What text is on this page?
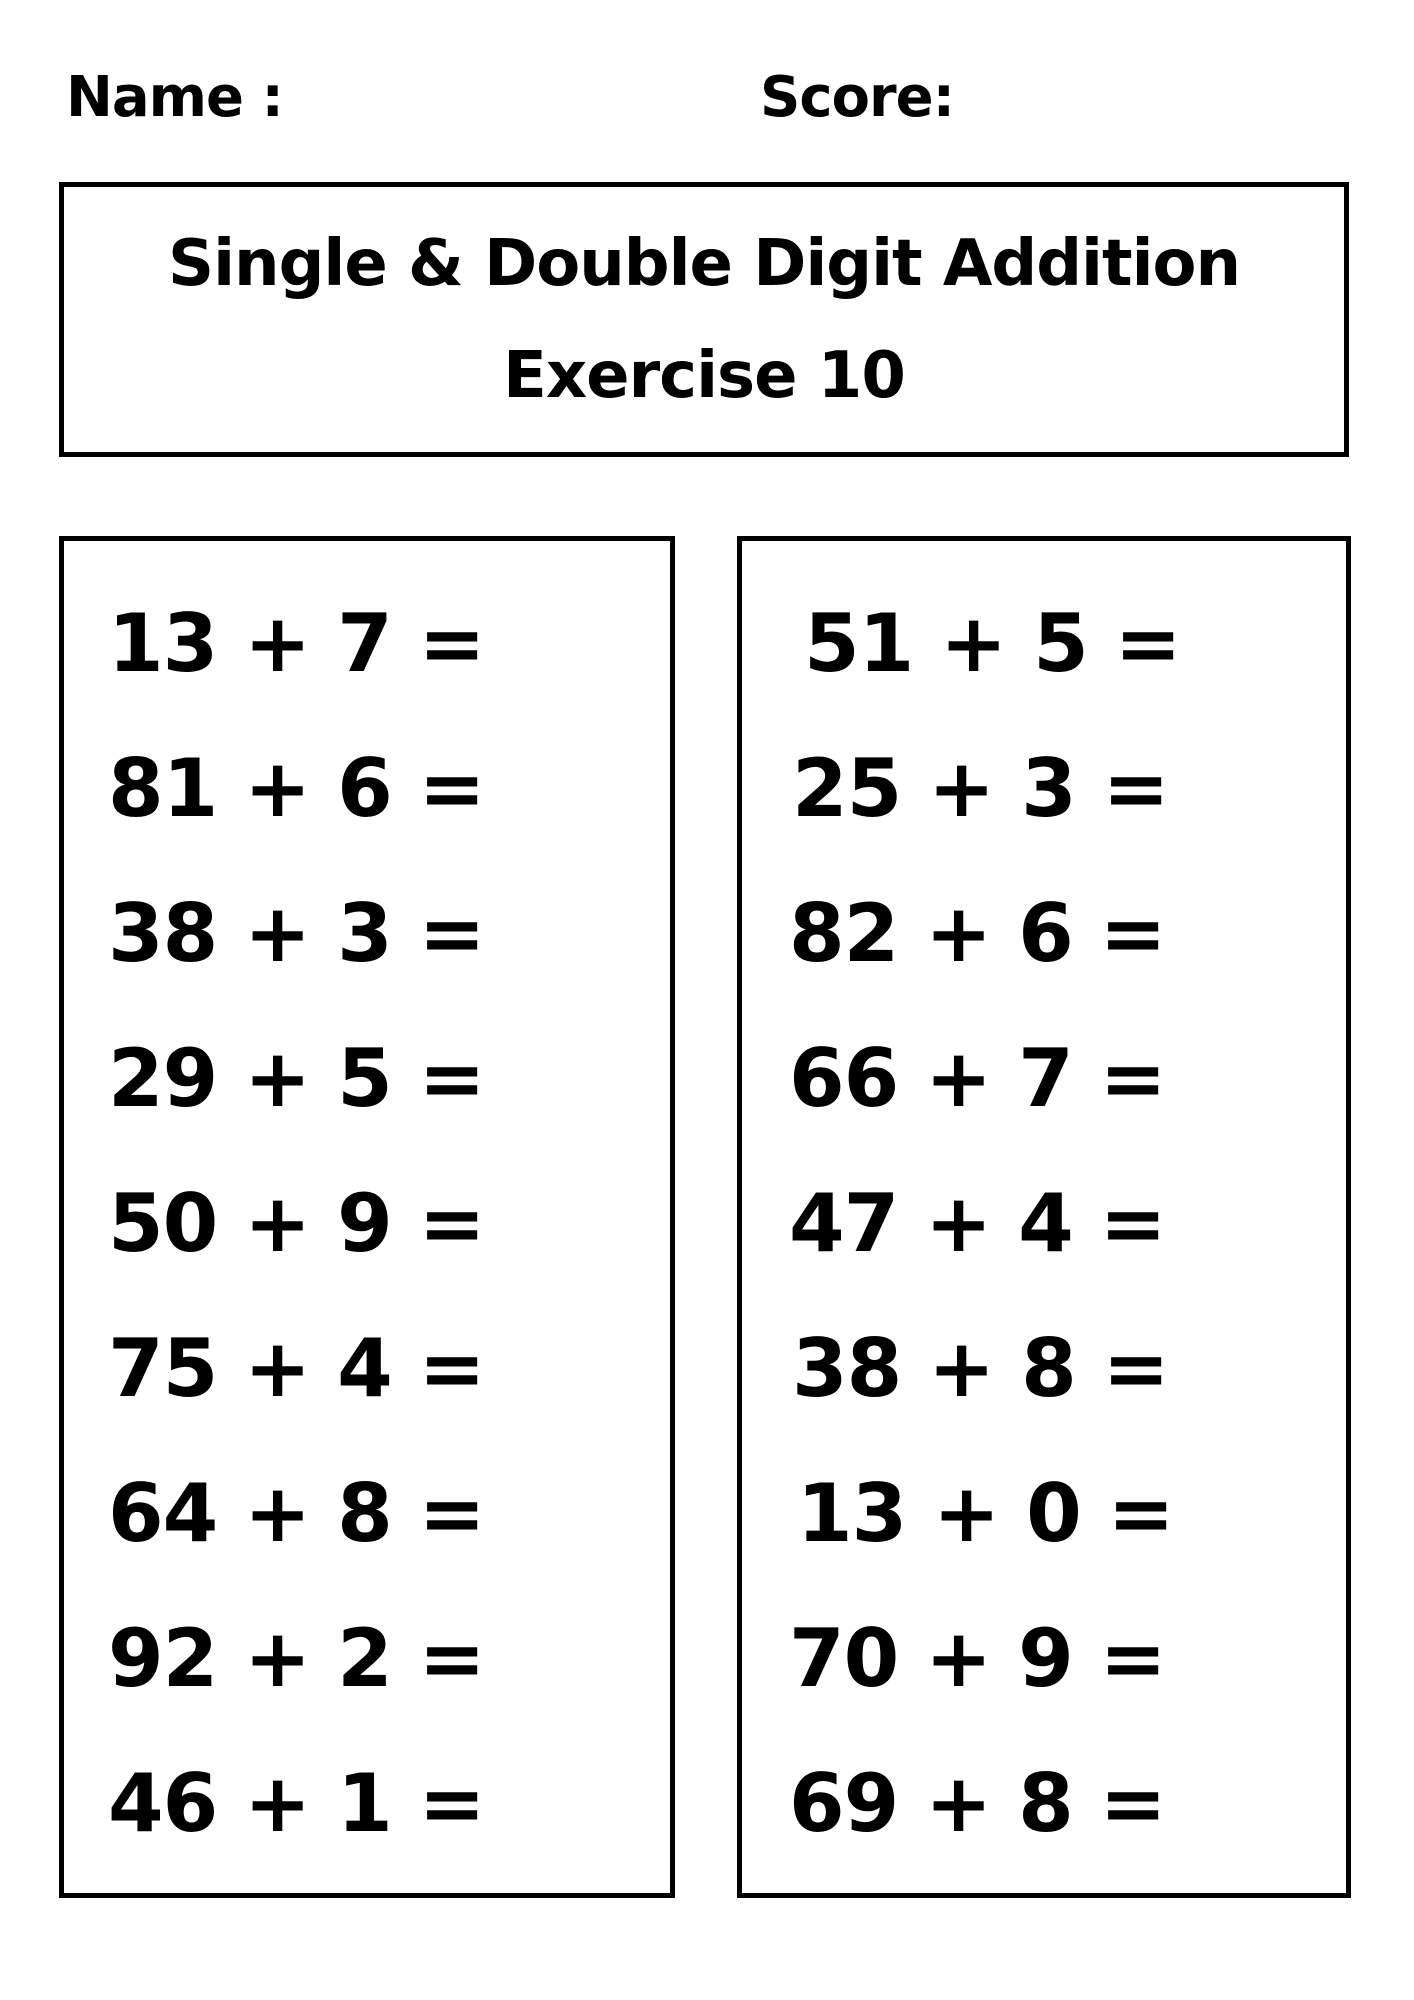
Name :	Score:
Single & Double Digit Addition
Exercise 10
13 + 7 =
81 + 6 =
38 + 3 =
29 + 5 =
50 + 9 =
75 + 4 =
64 + 8 =
92 + 2 =
46 + 1 =
51 + 5 =
25 + 3 =
82 + 6 =
66 + 7 =
47 + 4 =
38 + 8 =
13 + 0 =
70 + 9 =
69 + 8 =
